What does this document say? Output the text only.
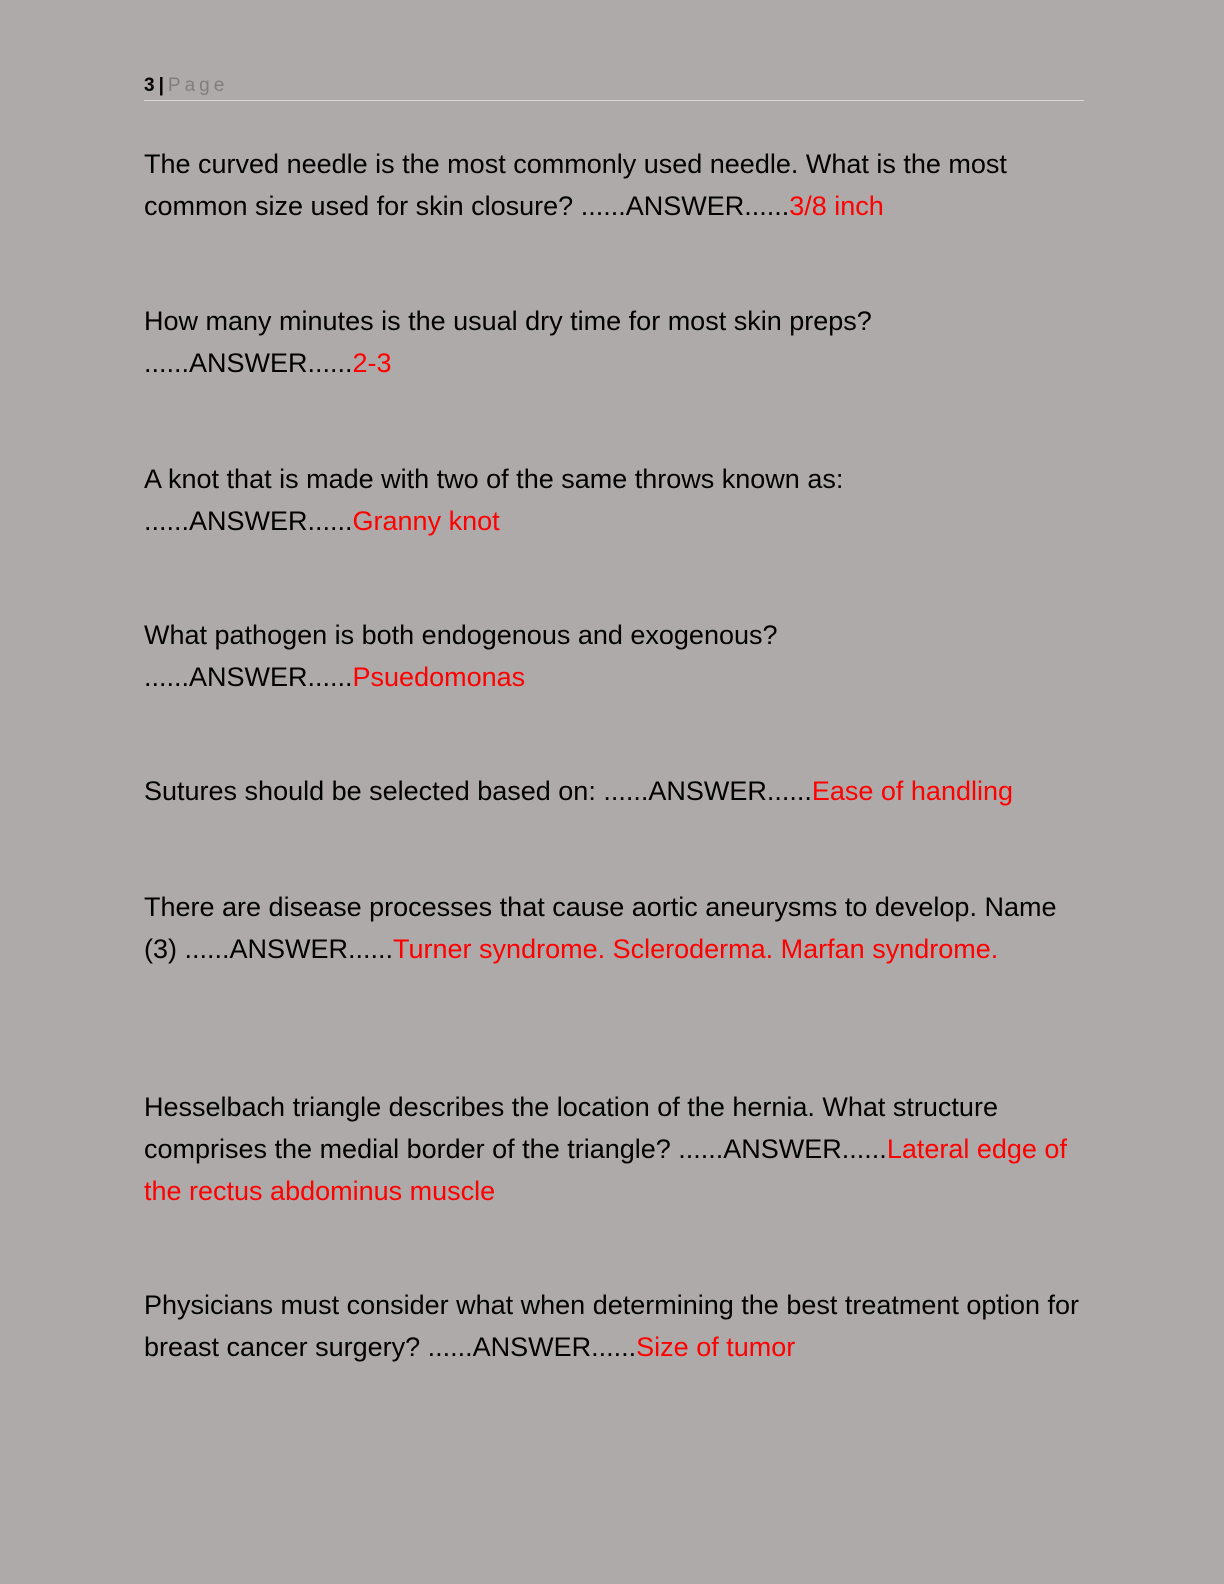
3 | Page

The curved needle is the most commonly used needle. What is the most common size used for skin closure? ......ANSWER......3/8 inch

How many minutes is the usual dry time for most skin preps? ......ANSWER......2-3

A knot that is made with two of the same throws known as: ......ANSWER......Granny knot

What pathogen is both endogenous and exogenous? ......ANSWER......Psuedomonas

Sutures should be selected based on: ......ANSWER......Ease of handling

There are disease processes that cause aortic aneurysms to develop. Name (3) ......ANSWER......Turner syndrome. Scleroderma. Marfan syndrome.

Hesselbach triangle describes the location of the hernia. What structure comprises the medial border of the triangle? ......ANSWER......Lateral edge of the rectus abdominus muscle

Physicians must consider what when determining the best treatment option for breast cancer surgery? ......ANSWER......Size of tumor
